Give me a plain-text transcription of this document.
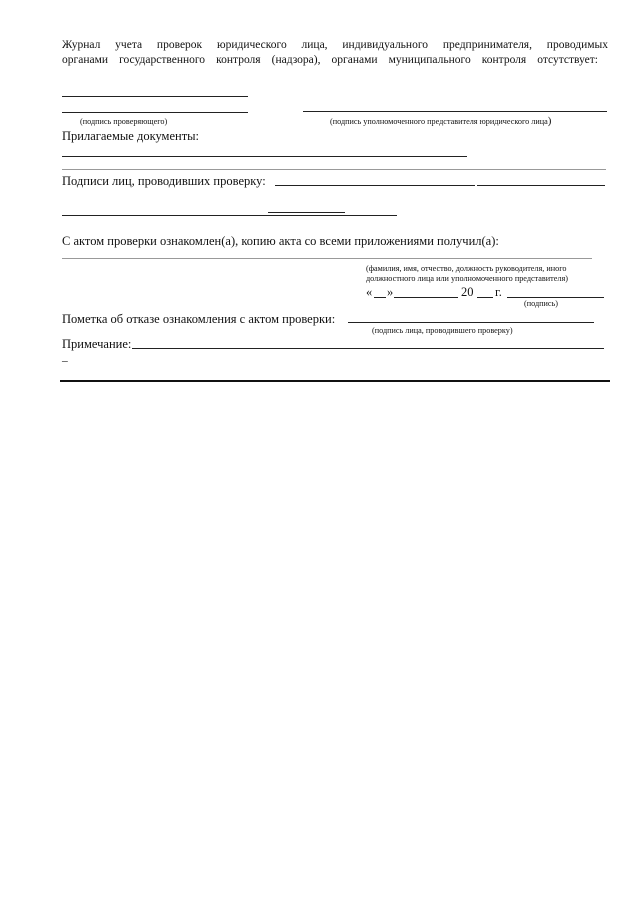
Журнал учета проверок юридического лица, индивидуального предпринимателя, проводимых
органами государственного контроля (надзора), органами муниципального контроля отсутствует:
(подпись проверяющего)	(подпись уполномоченного представителя юридического лица)
Прилагаемые документы:
Подписи лиц, проводивших проверку:
С актом проверки ознакомлен(а), копию акта со всеми приложениями получил(а):
(фамилия, имя, отчество, должность руководителя, иного
должностного лица или уполномоченного представителя)
« »	20 г.
(подпись)
Пометка об отказе ознакомления с актом проверки:
(подпись лица, проводившего проверку)
Примечание:
–
